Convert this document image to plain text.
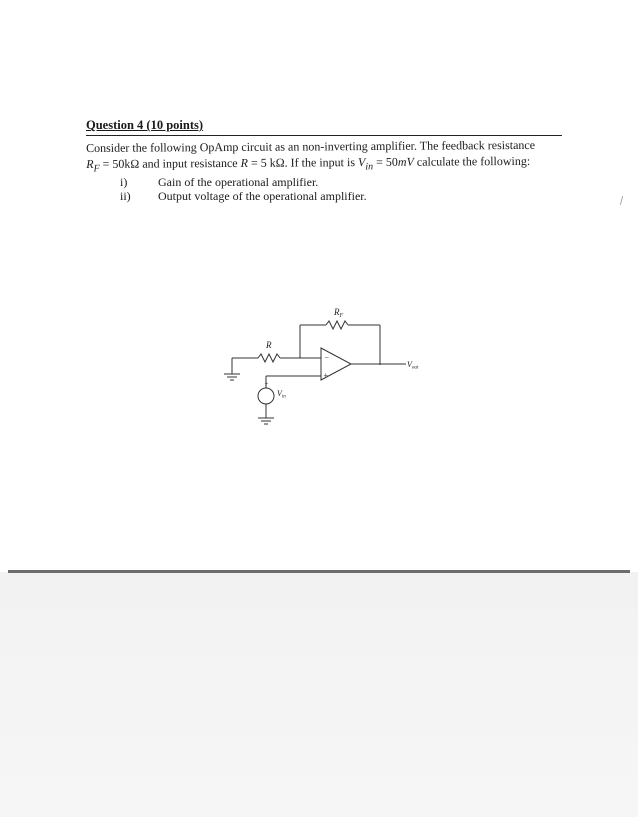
Question 4 (10 points)
Consider the following OpAmp circuit as an non-inverting amplifier. The feedback resistance
$R_F = 50k\Omega$ and input resistance R = 5 kΩ. If the input is $V_{in} = 50mV$ calculate the following:
i)	Gain of the operational amplifier.
ii) Output voltage of the operational amplifier.
$R_F$
R
−
+
Vout
Vin
+
